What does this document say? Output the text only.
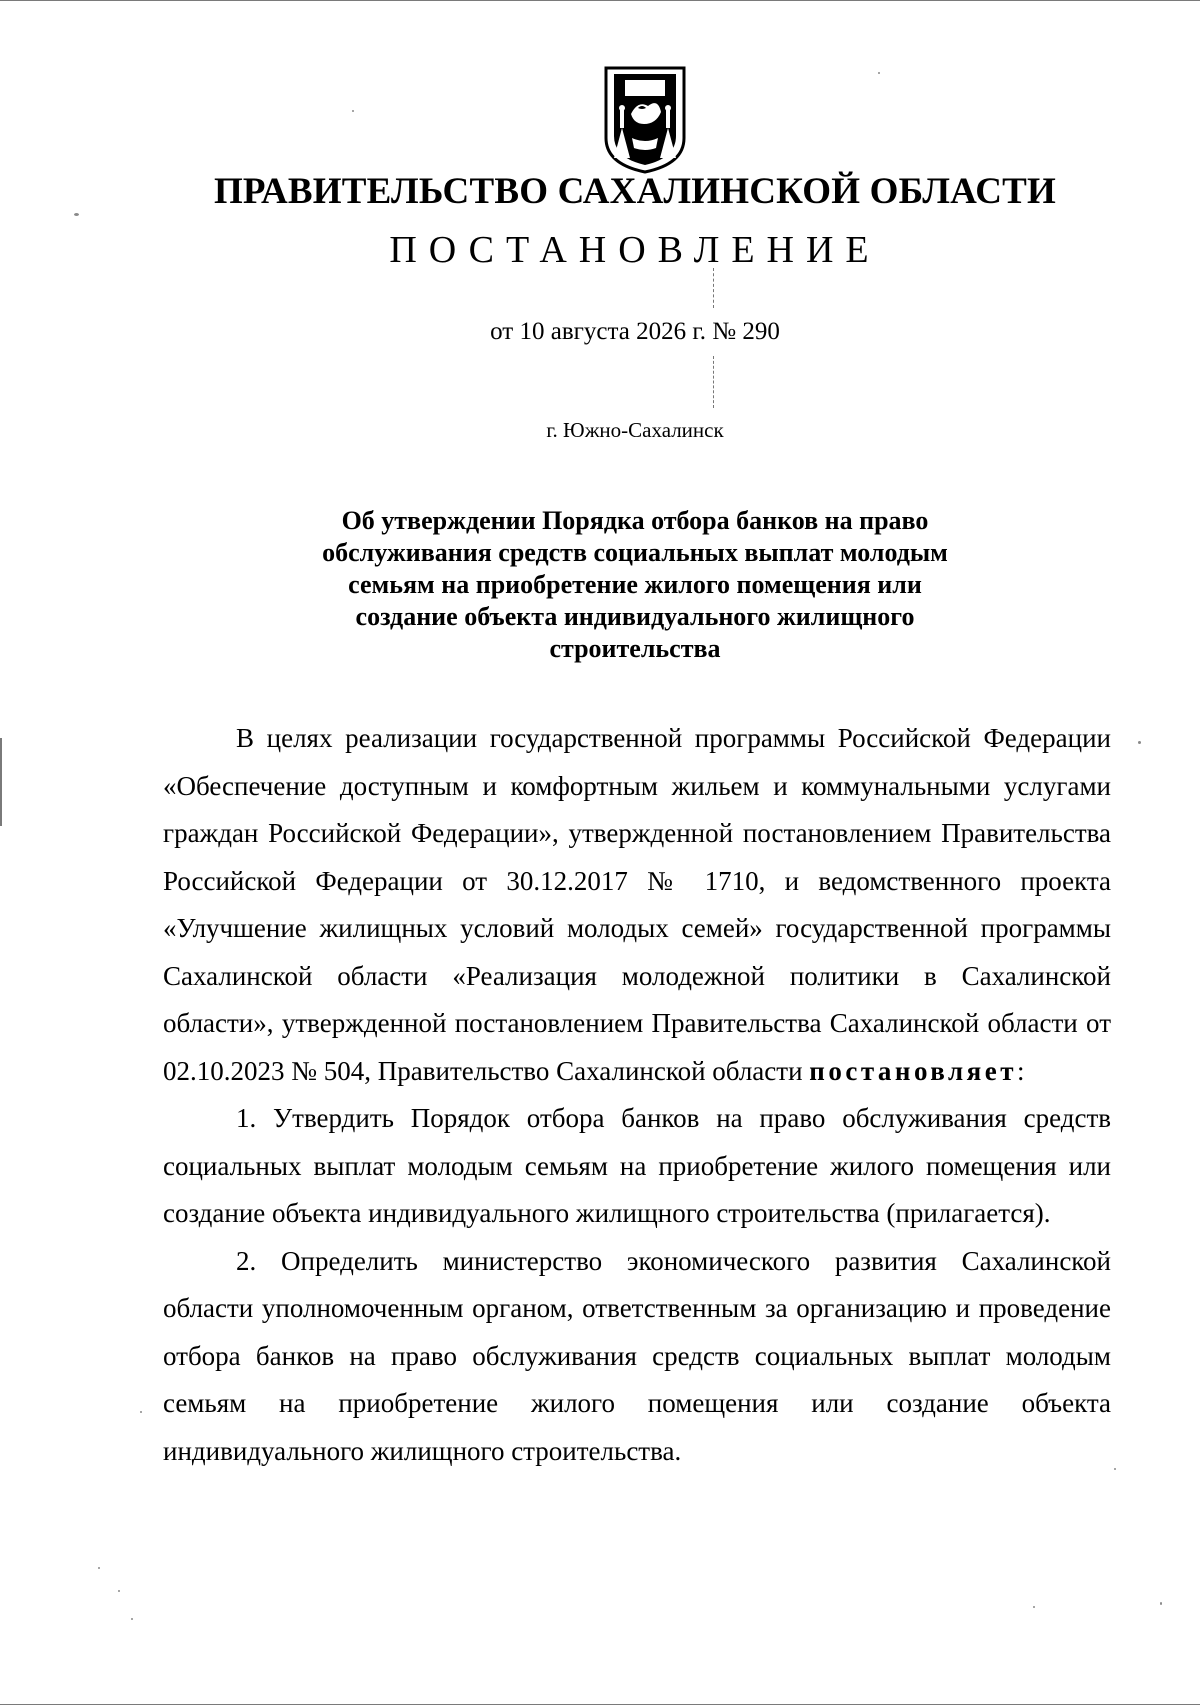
ПРАВИТЕЛЬСТВО САХАЛИНСКОЙ ОБЛАСТИ
ПОСТАНОВЛЕНИЕ
от 10 августа 2026 г. № 290
г. Южно-Сахалинск
Об утверждении Порядка отбора банков на право
обслуживания средств социальных выплат молодым
семьям на приобретение жилого помещения или
создание объекта индивидуального жилищного
строительства

В целях реализации государственной программы Российской Федерации «Обеспечение доступным и комфортным жильем и коммунальными услугами граждан Российской Федерации», утвержденной постановлением Правительства Российской Федерации от 30.12.2017 № 1710, и ведомственного проекта «Улучшение жилищных условий молодых семей» государственной программы Сахалинской области «Реализация молодежной политики в Сахалинской области», утвержденной постановлением Правительства Сахалинской области от 02.10.2023 № 504, Правительство Сахалинской области постановляет:

1. Утвердить Порядок отбора банков на право обслуживания средств социальных выплат молодым семьям на приобретение жилого помещения или создание объекта индивидуального жилищного строительства (прилагается).

2. Определить министерство экономического развития Сахалинской области уполномоченным органом, ответственным за организацию и проведение отбора банков на право обслуживания средств социальных выплат молодым семьям на приобретение жилого помещения или создание объекта индивидуального жилищного строительства.
